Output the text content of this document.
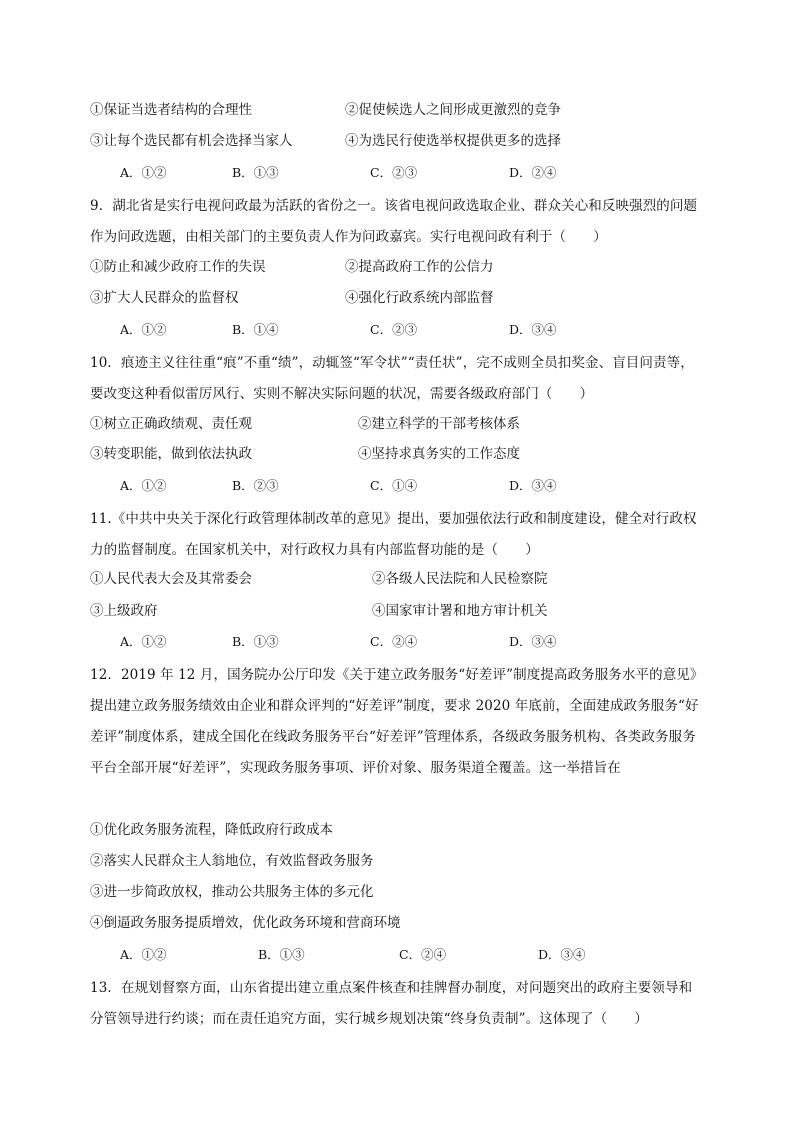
①保证当选者结构的合理性	②促使候选人之间形成更激烈的竞争
③让每个选民都有机会选择当家人	④为选民行使选举权提供更多的选择
A．①②	B．①③	C．②③	D．②④
9．湖北省是实行电视问政最为活跃的省份之一。该省电视问政选取企业、群众关心和反映强烈的问题作为问政选题，由相关部门的主要负责人作为问政嘉宾。实行电视问政有利于（　　）
①防止和减少政府工作的失误	②提高政府工作的公信力
③扩大人民群众的监督权	④强化行政系统内部监督
A．①②	B．①④	C．②③	D．③④
10．痕迹主义往往重“痕”不重“绩”，动辄签“军令状”“责任状”，完不成则全员扣奖金、盲目问责等，要改变这种看似雷厉风行、实则不解决实际问题的状况，需要各级政府部门（　　）
①树立正确政绩观、责任观	②建立科学的干部考核体系
③转变职能，做到依法执政	④坚持求真务实的工作态度
A．①②	B．②③	C．①④	D．③④
11.《中共中央关于深化行政管理体制改革的意见》提出，要加强依法行政和制度建设，健全对行政权力的监督制度。在国家机关中，对行政权力具有内部监督功能的是（　　）
①人民代表大会及其常委会	②各级人民法院和人民检察院
③上级政府	④国家审计署和地方审计机关
A．①②	B．①③	C．②④	D．③④
12．2019 年 12 月，国务院办公厅印发《关于建立政务服务“好差评”制度提高政务服务水平的意见》提出建立政务服务绩效由企业和群众评判的“好差评”制度，要求 2020 年底前，全面建成政务服务“好差评”制度体系，建成全国化在线政务服务平台“好差评”管理体系，各级政务服务机构、各类政务服务平台全部开展“好差评”，实现政务服务事项、评价对象、服务渠道全覆盖。这一举措旨在
①优化政务服务流程，降低政府行政成本
②落实人民群众主人翁地位，有效监督政务服务
③进一步简政放权，推动公共服务主体的多元化
④倒逼政务服务提质增效，优化政务环境和营商环境
A．①②	B．①③	C．②④	D．③④
13．在规划督察方面，山东省提出建立重点案件核查和挂牌督办制度，对问题突出的政府主要领导和分管领导进行约谈；而在责任追究方面，实行城乡规划决策“终身负责制”。这体现了（　　）
